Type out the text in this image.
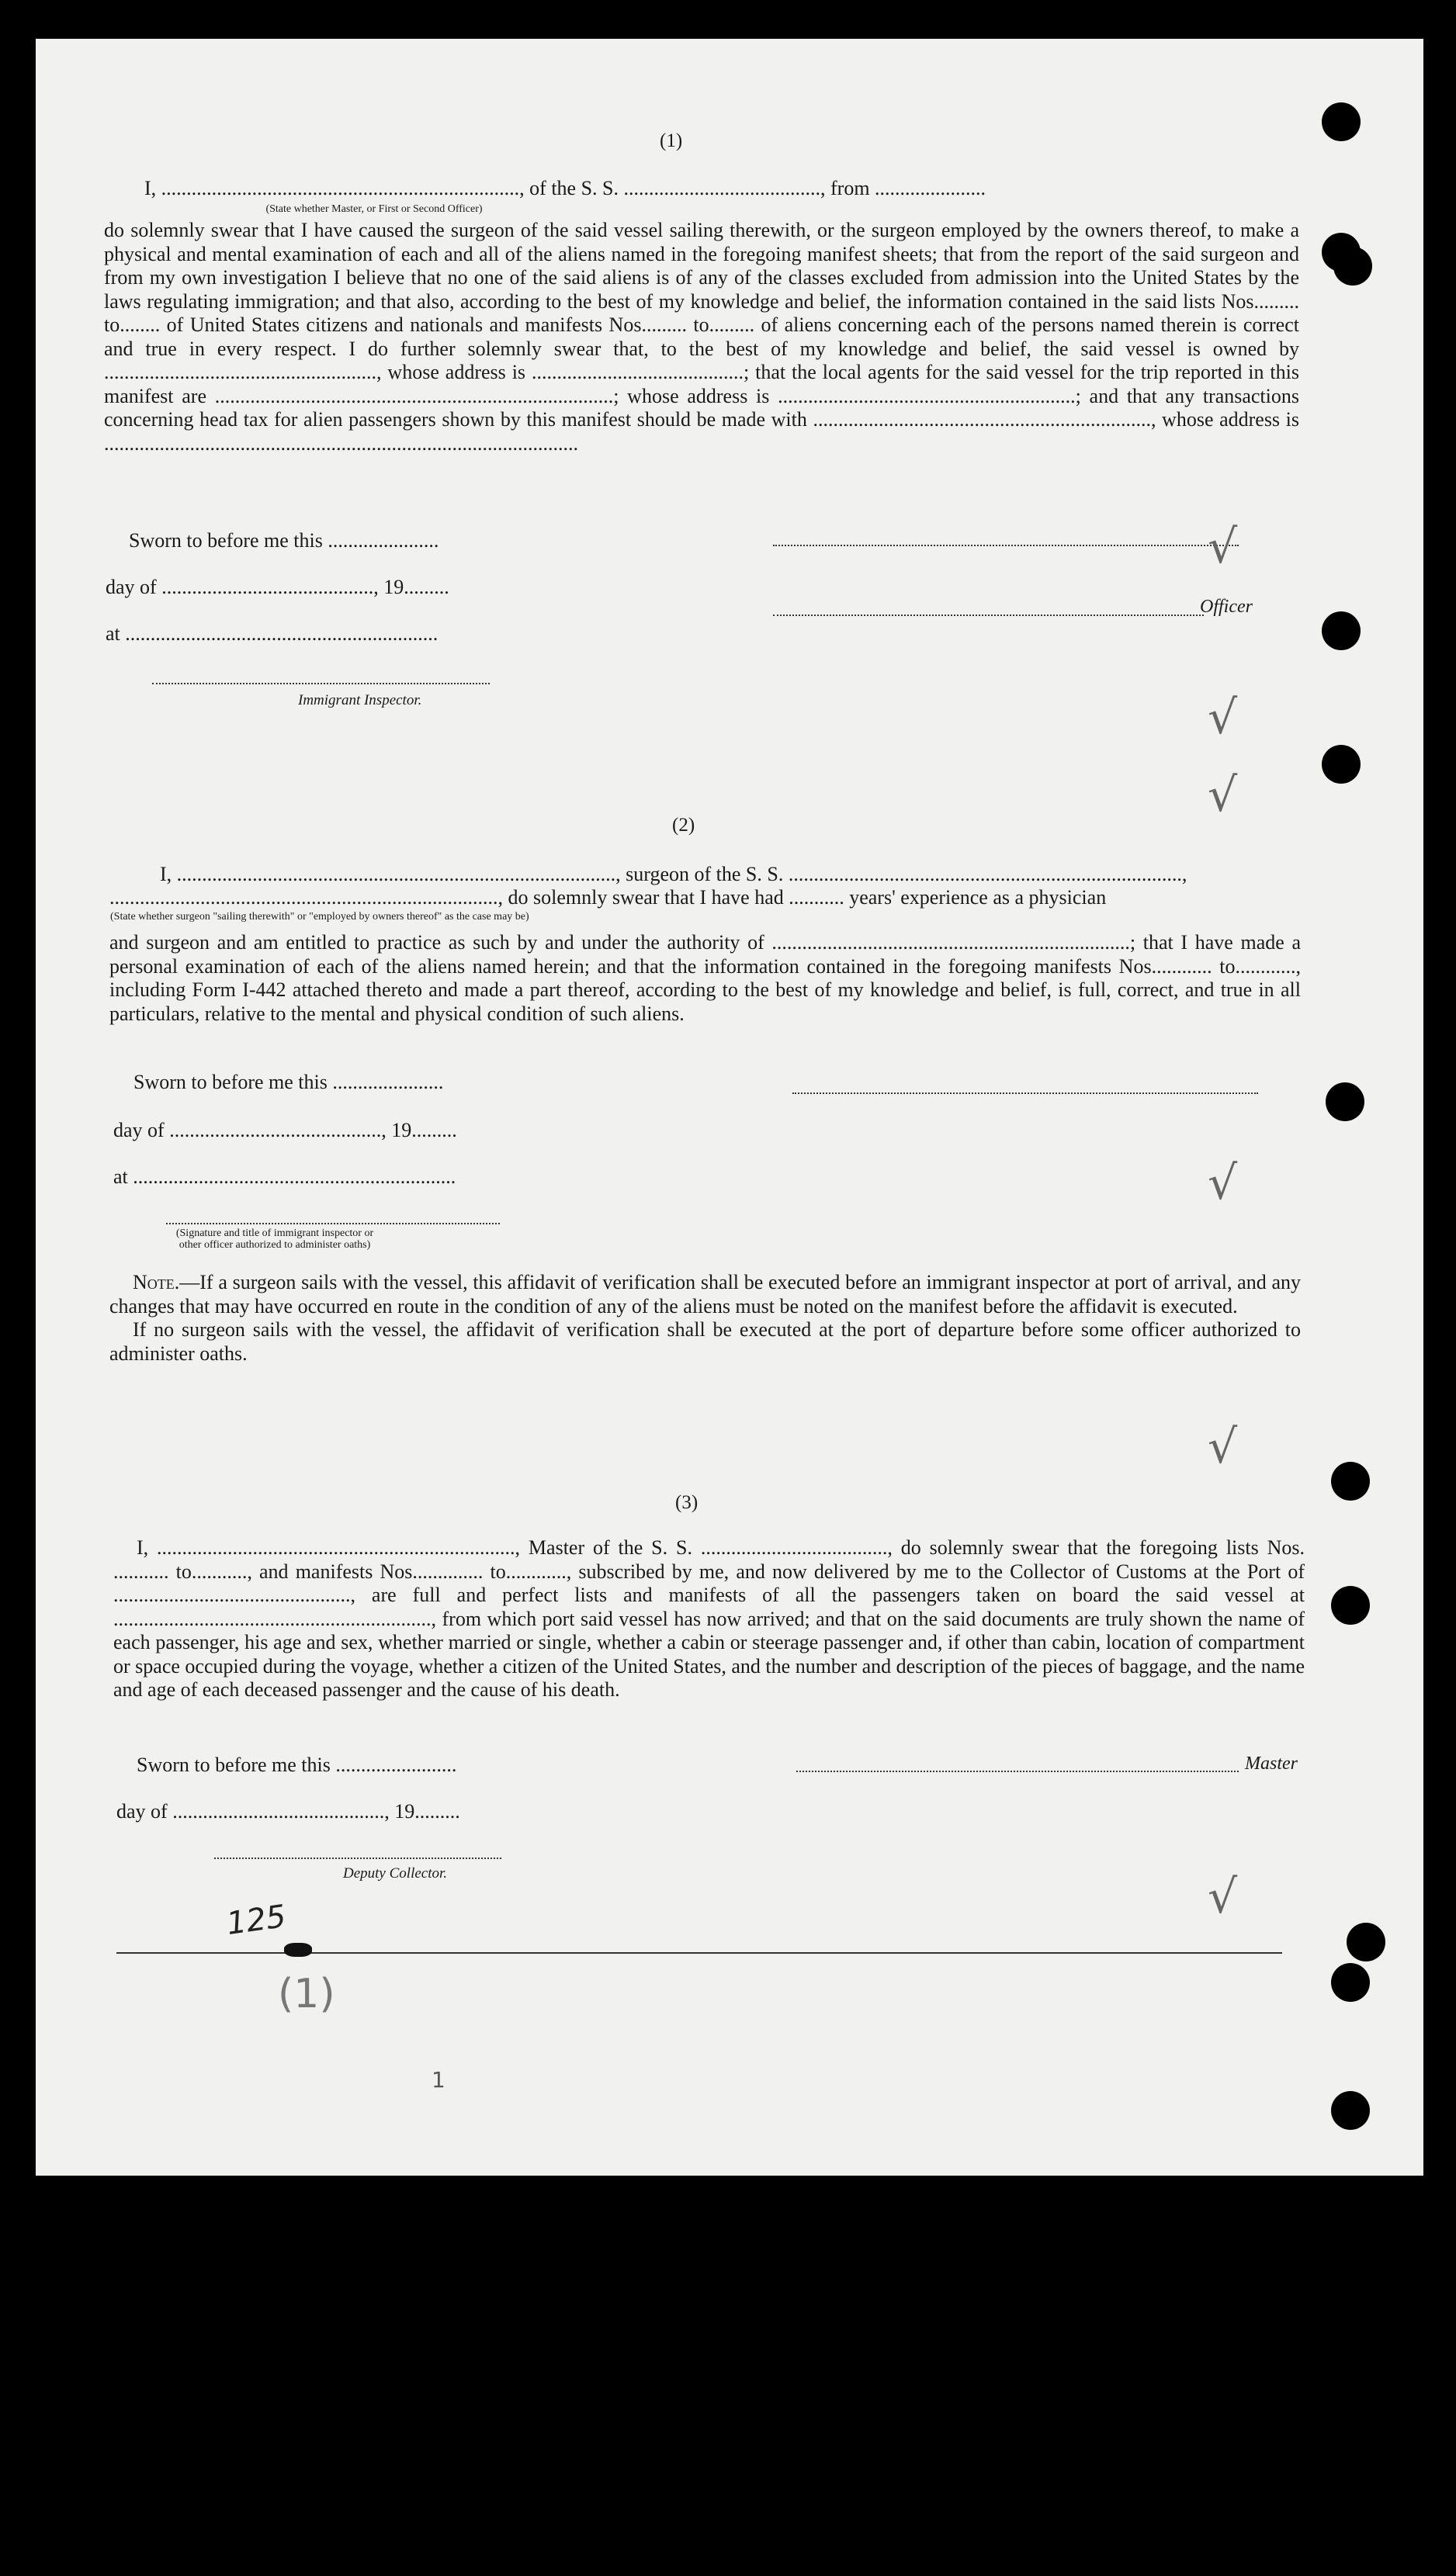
(1)
I, ......................................................................., of the S. S. ......................................., from ......................
(State whether Master, or First or Second Officer)

do solemnly swear that I have caused the surgeon of the said vessel sailing therewith, or the surgeon employed by the owners thereof, to make a physical and mental examination of each and all of the aliens named in the foregoing manifest sheets; that from the report of the said surgeon and from my own investigation I believe that no one of the said aliens is of any of the classes excluded from admission into the United States by the laws regulating immigration; and that also, according to the best of my knowledge and belief, the information contained in the said lists Nos......... to........ of United States citizens and nationals and manifests Nos......... to......... of aliens concerning each of the persons named therein is correct and true in every respect. I do further solemnly swear that, to the best of my knowledge and belief, the said vessel is owned by ......................................................, whose address is ..........................................; that the local agents for the said vessel for the trip reported in this manifest are ...............................................................................; whose address is ...........................................................; and that any transactions concerning head tax for alien passengers shown by this manifest should be made with ..................................................................., whose address is ..............................................................................................

Sworn to before me this ......................
day of .........................................., 19.........
at ..............................................................
Immigrant Inspector.
Officer
(2)
I, ......................................................................................., surgeon of the S. S. ..............................................................................,
............................................................................., do solemnly swear that I have had ........... years' experience as a physician
(State whether surgeon "sailing therewith" or "employed by owners thereof" as the case may be)

and surgeon and am entitled to practice as such by and under the authority of .......................................................................; that I have made a personal examination of each of the aliens named herein; and that the information contained in the foregoing manifests Nos............ to............, including Form I-442 attached thereto and made a part thereof, according to the best of my knowledge and belief, is full, correct, and true in all particulars, relative to the mental and physical condition of such aliens.

Sworn to before me this ......................
day of .........................................., 19.........
at ................................................................
(Signature and title of immigrant inspector or other officer authorized to administer oaths)

Note.—If a surgeon sails with the vessel, this affidavit of verification shall be executed before an immigrant inspector at port of arrival, and any changes that may have occurred en route in the condition of any of the aliens must be noted on the manifest before the affidavit is executed.

If no surgeon sails with the vessel, the affidavit of verification shall be executed at the port of departure before some officer authorized to administer oaths.

(3)

I, ......................................................................., Master of the S. S. ....................................., do solemnly swear that the foregoing lists Nos. ........... to..........., and manifests Nos.............. to............, subscribed by me, and now delivered by me to the Collector of Customs at the Port of ..............................................., are full and perfect lists and manifests of all the passengers taken on board the said vessel at ..............................................................., from which port said vessel has now arrived; and that on the said documents are truly shown the name of each passenger, his age and sex, whether married or single, whether a cabin or steerage passenger and, if other than cabin, location of compartment or space occupied during the voyage, whether a citizen of the United States, and the number and description of the pieces of baggage, and the name and age of each deceased passenger and the cause of his death.

Sworn to before me this ........................
day of .........................................., 19.........
Deputy Collector.
Master
125
(1)
1
√
√
√
√
√
√
